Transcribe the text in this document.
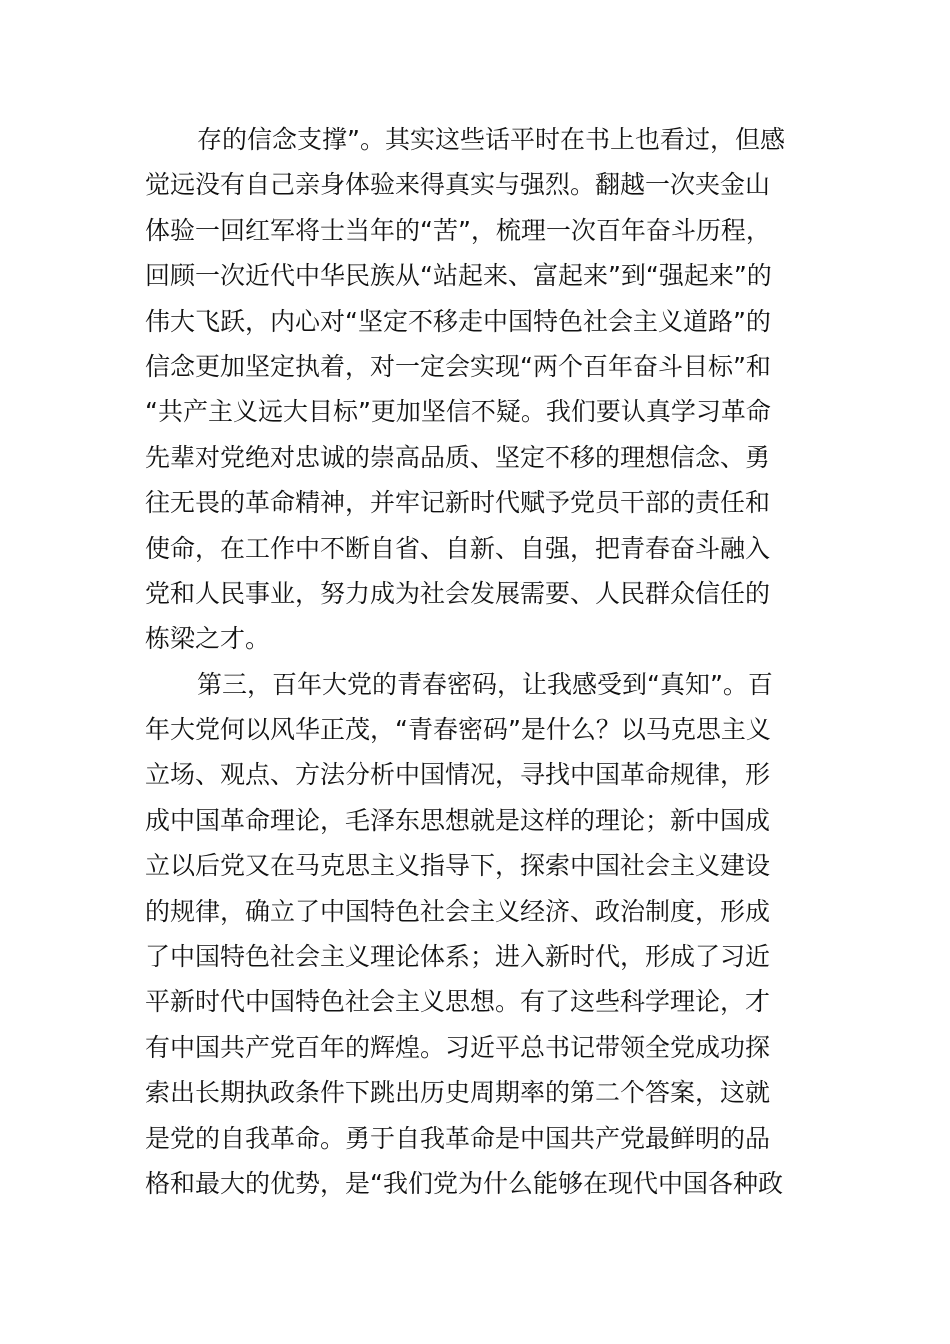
存的信念支撑”。其实这些话平时在书上也看过，但感
觉远没有自己亲身体验来得真实与强烈。翻越一次夹金山
体验一回红军将士当年的“苦”，梳理一次百年奋斗历程，
回顾一次近代中华民族从“站起来、富起来”到“强起来”的
伟大飞跃，内心对“坚定不移走中国特色社会主义道路”的
信念更加坚定执着，对一定会实现“两个百年奋斗目标”和
“共产主义远大目标”更加坚信不疑。我们要认真学习革命
先辈对党绝对忠诚的崇高品质、坚定不移的理想信念、勇
往无畏的革命精神，并牢记新时代赋予党员干部的责任和
使命，在工作中不断自省、自新、自强，把青春奋斗融入
党和人民事业，努力成为社会发展需要、人民群众信任的
栋梁之才。
第三，百年大党的青春密码，让我感受到“真知”。百
年大党何以风华正茂，“青春密码”是什么？以马克思主义
立场、观点、方法分析中国情况，寻找中国革命规律，形
成中国革命理论，毛泽东思想就是这样的理论；新中国成
立以后党又在马克思主义指导下，探索中国社会主义建设
的规律，确立了中国特色社会主义经济、政治制度，形成
了中国特色社会主义理论体系；进入新时代，形成了习近
平新时代中国特色社会主义思想。有了这些科学理论，才
有中国共产党百年的辉煌。习近平总书记带领全党成功探
索出长期执政条件下跳出历史周期率的第二个答案，这就
是党的自我革命。勇于自我革命是中国共产党最鲜明的品
格和最大的优势，是“我们党为什么能够在现代中国各种政
